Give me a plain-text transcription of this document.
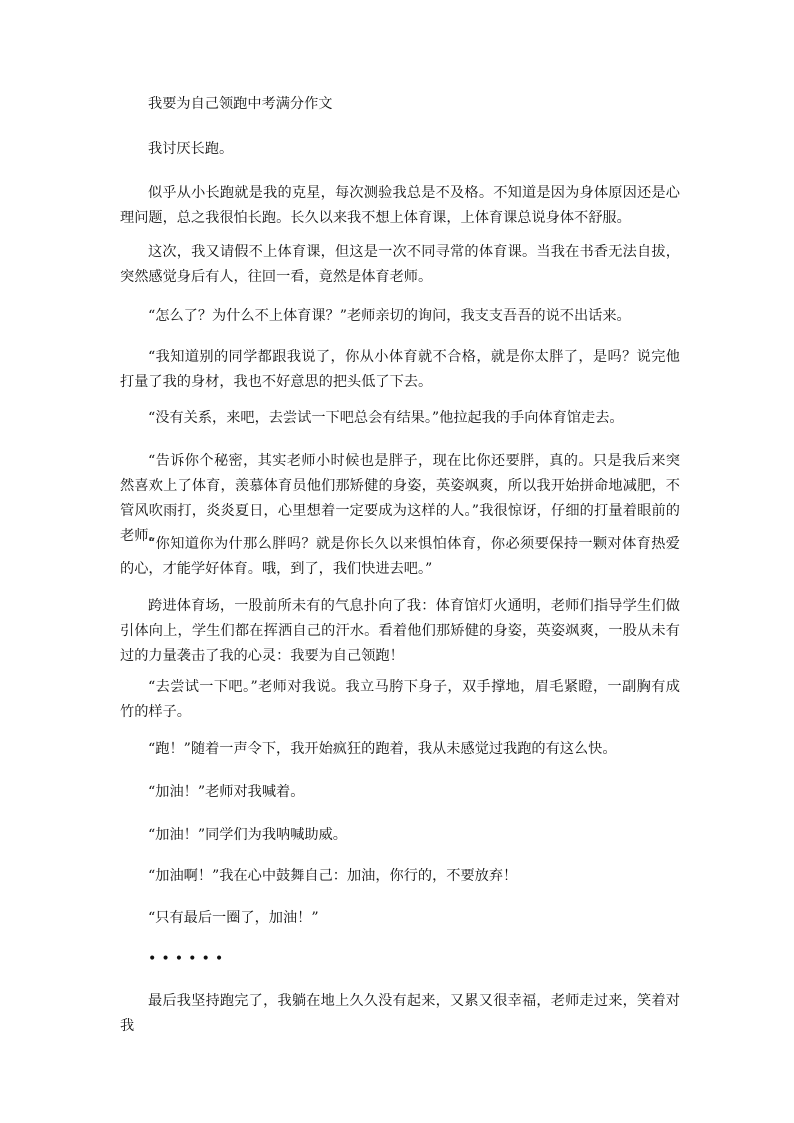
我要为自己领跑中考满分作文
我讨厌长跑。
似乎从小长跑就是我的克星，每次测验我总是不及格。不知道是因为身体原因还是心理问题，总之我很怕长跑。长久以来我不想上体育课，上体育课总说身体不舒服。
这次，我又请假不上体育课，但这是一次不同寻常的体育课。当我在书香无法自拔，突然感觉身后有人，往回一看，竟然是体育老师。
“怎么了？为什么不上体育课？”老师亲切的询问，我支支吾吾的说不出话来。
“我知道别的同学都跟我说了，你从小体育就不合格，就是你太胖了，是吗？说完他打量了我的身材，我也不好意思的把头低了下去。
“没有关系，来吧，去尝试一下吧总会有结果。”他拉起我的手向体育馆走去。
“告诉你个秘密，其实老师小时候也是胖子，现在比你还要胖，真的。只是我后来突然喜欢上了体育，羡慕体育员他们那矫健的身姿，英姿飒爽，所以我开始拼命地减肥，不管风吹雨打，炎炎夏日，心里想着一定要成为这样的人。”我很惊讶，仔细的打量着眼前的老师。
“你知道你为什那么胖吗？就是你长久以来惧怕体育，你必须要保持一颗对体育热爱的心，才能学好体育。哦，到了，我们快进去吧。”
跨进体育场，一股前所未有的气息扑向了我：体育馆灯火通明，老师们指导学生们做引体向上，学生们都在挥洒自己的汗水。看着他们那矫健的身姿，英姿飒爽，一股从未有过的力量袭击了我的心灵：我要为自己领跑！
“去尝试一下吧。”老师对我说。我立马胯下身子，双手撑地，眉毛紧瞪，一副胸有成竹的样子。
“跑！”随着一声令下，我开始疯狂的跑着，我从未感觉过我跑的有这么快。
“加油！”老师对我喊着。
“加油！”同学们为我呐喊助威。
“加油啊！”我在心中鼓舞自己：加油，你行的，不要放弃！
“只有最后一圈了，加油！”
••••••
最后我坚持跑完了，我躺在地上久久没有起来，又累又很幸福，老师走过来，笑着对我
